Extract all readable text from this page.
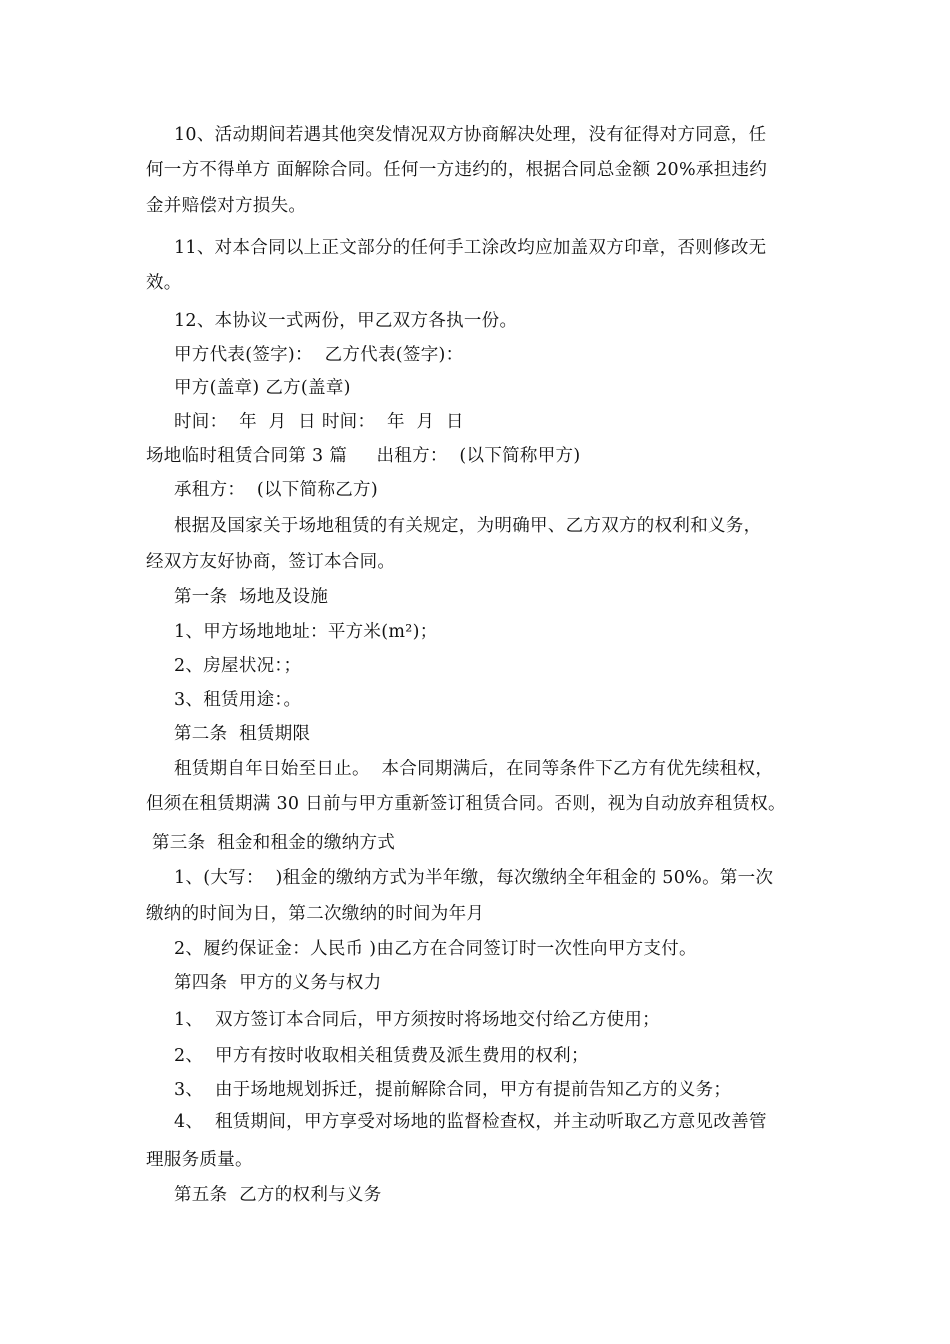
10、活动期间若遇其他突发情况双方协商解决处理，没有征得对方同意，任
何一方不得单方 面解除合同。任何一方违约的，根据合同总金额 20%承担违约
金并赔偿对方损失。
11、对本合同以上正文部分的任何手工涂改均应加盖双方印章，否则修改无
效。
12、本协议一式两份，甲乙双方各执一份。
甲方代表(签字)：  乙方代表(签字)：
甲方(盖章) 乙方(盖章)
时间：  年  月  日 时间：  年  月  日
场地临时租赁合同第 3 篇     出租方：  (以下简称甲方)
承租方：  (以下简称乙方)
根据及国家关于场地租赁的有关规定，为明确甲、乙方双方的权利和义务，
经双方友好协商，签订本合同。
第一条  场地及设施
1、甲方场地地址：平方米(m²)；
2、房屋状况：；
3、租赁用途：。
第二条  租赁期限
租赁期自年日始至日止。  本合同期满后，在同等条件下乙方有优先续租权，
但须在租赁期满 30 日前与甲方重新签订租赁合同。否则，视为自动放弃租赁权。
第三条  租金和租金的缴纳方式
1、(大写：  )租金的缴纳方式为半年缴，每次缴纳全年租金的 50%。第一次
缴纳的时间为日，第二次缴纳的时间为年月
2、履约保证金：人民币 )由乙方在合同签订时一次性向甲方支付。
第四条  甲方的义务与权力
1、  双方签订本合同后，甲方须按时将场地交付给乙方使用；
2、  甲方有按时收取相关租赁费及派生费用的权利；
3、  由于场地规划拆迁，提前解除合同，甲方有提前告知乙方的义务；
4、  租赁期间，甲方享受对场地的监督检查权，并主动听取乙方意见改善管
理服务质量。
第五条  乙方的权利与义务
